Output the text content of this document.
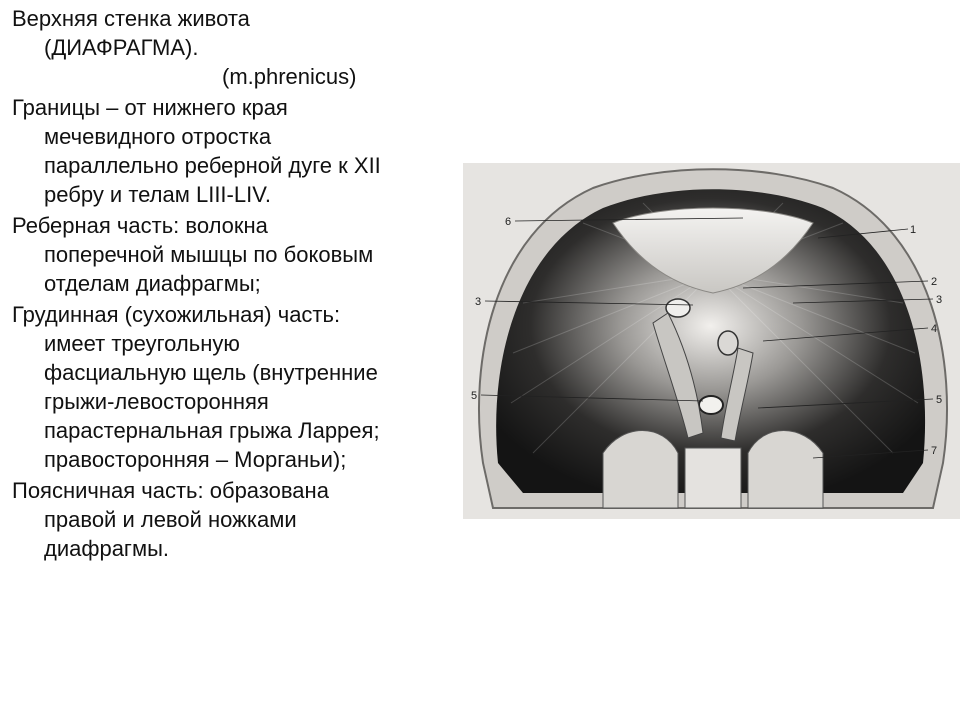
Верхняя стенка живота
(ДИАФРАГМА).
(m.phrenicus)
Границы – от нижнего края
мечевидного отростка
параллельно реберной дуге к XII
ребру и телам LIII-LIV.
Реберная часть: волокна
поперечной мышцы по боковым
отделам диафрагмы;
Грудинная (сухожильная) часть:
имеет треугольную
фасциальную щель (внутренние
грыжи-левосторонняя
парастернальная грыжа Ларрея;
правосторонняя – Морганьи);
Поясничная часть: образована
правой и левой ножками
диафрагмы.
6
1
2
3	3
4
5	5
7
